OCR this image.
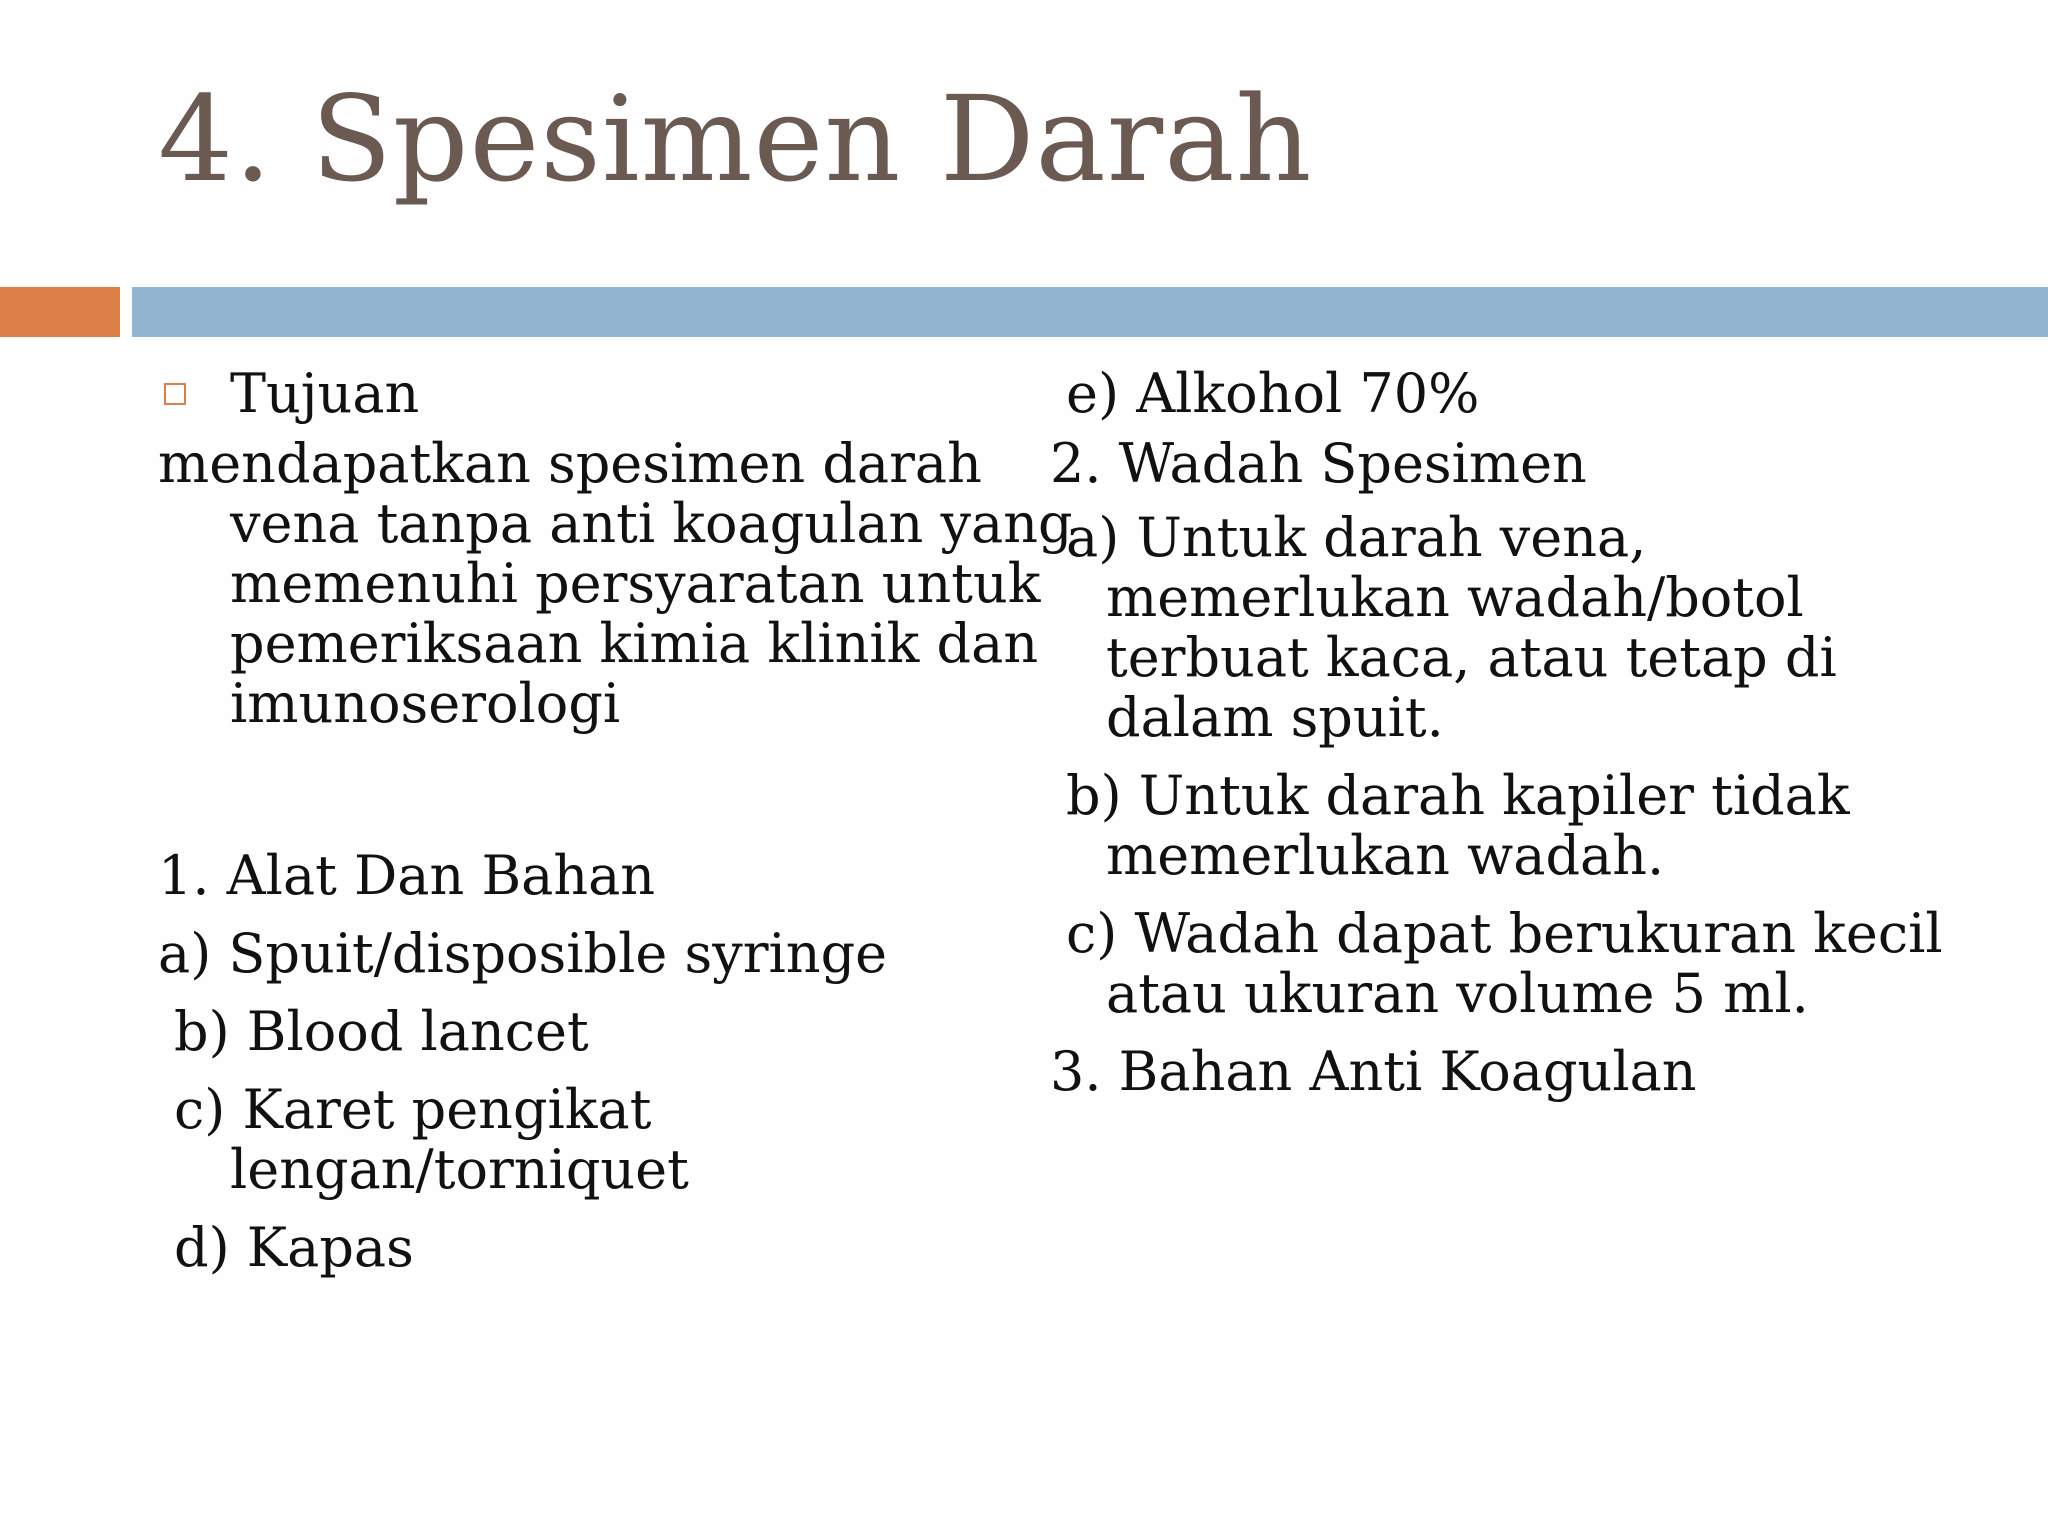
4. Spesimen Darah
Tujuan
mendapatkan spesimen darah
vena tanpa anti koagulan yang
memenuhi persyaratan untuk
pemeriksaan kimia klinik dan
imunoserologi
1. Alat Dan Bahan
a) Spuit/disposible syringe
b) Blood lancet
c) Karet pengikat
lengan/torniquet
d) Kapas
e) Alkohol 70%
2. Wadah Spesimen
a) Untuk darah vena,
memerlukan wadah/botol
terbuat kaca, atau tetap di
dalam spuit.
b) Untuk darah kapiler tidak
memerlukan wadah.
c) Wadah dapat berukuran kecil
atau ukuran volume 5 ml.
3. Bahan Anti Koagulan
